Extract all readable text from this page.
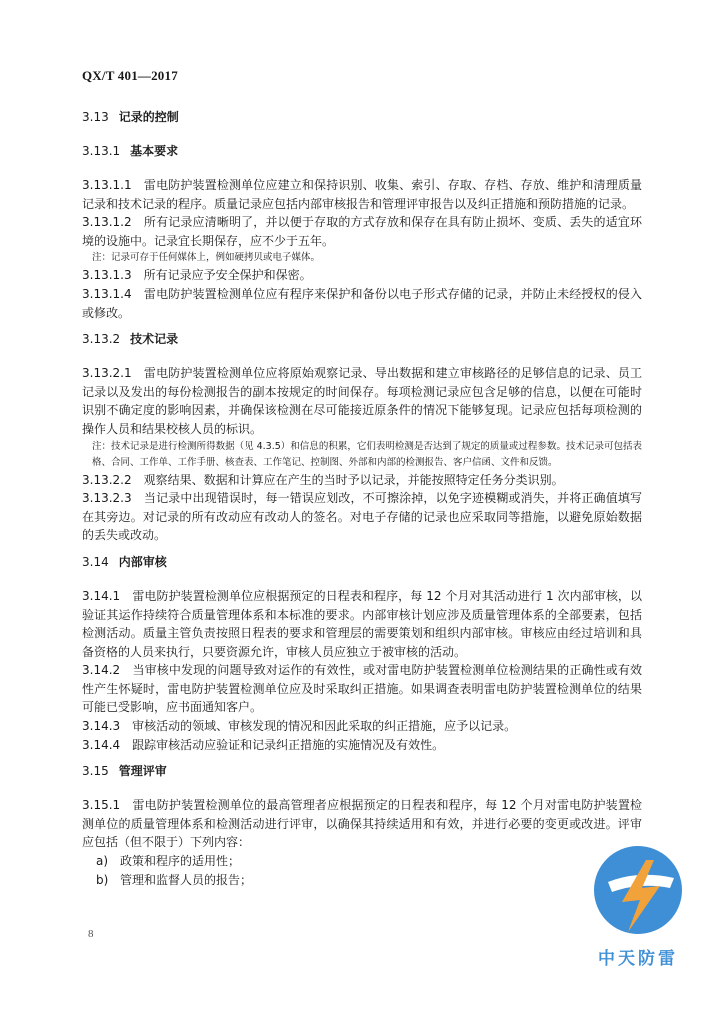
QX/T 401—2017

3.13 记录的控制

3.13.1 基本要求

3.13.1.1　雷电防护装置检测单位应建立和保持识别、收集、索引、存取、存档、存放、维护和清理质量记录和技术记录的程序。质量记录应包括内部审核报告和管理评审报告以及纠正措施和预防措施的记录。

3.13.1.2　所有记录应清晰明了，并以便于存取的方式存放和保存在具有防止损坏、变质、丢失的适宜环境的设施中。记录宜长期保存，应不少于五年。

注：记录可存于任何媒体上，例如硬拷贝或电子媒体。

3.13.1.3　所有记录应予安全保护和保密。

3.13.1.4　雷电防护装置检测单位应有程序来保护和备份以电子形式存储的记录，并防止未经授权的侵入或修改。

3.13.2 技术记录

3.13.2.1　雷电防护装置检测单位应将原始观察记录、导出数据和建立审核路径的足够信息的记录、员工记录以及发出的每份检测报告的副本按规定的时间保存。每项检测记录应包含足够的信息，以便在可能时识别不确定度的影响因素，并确保该检测在尽可能接近原条件的情况下能够复现。记录应包括每项检测的操作人员和结果校核人员的标识。

注：技术记录是进行检测所得数据（见 4.3.5）和信息的积累，它们表明检测是否达到了规定的质量或过程参数。技术记录可包括表格、合同、工作单、工作手册、核查表、工作笔记、控制图、外部和内部的检测报告、客户信函、文件和反馈。

3.13.2.2　观察结果、数据和计算应在产生的当时予以记录，并能按照特定任务分类识别。

3.13.2.3　当记录中出现错误时，每一错误应划改，不可擦涂掉，以免字迹模糊或消失，并将正确值填写在其旁边。对记录的所有改动应有改动人的签名。对电子存储的记录也应采取同等措施，以避免原始数据的丢失或改动。

3.14 内部审核

3.14.1　雷电防护装置检测单位应根据预定的日程表和程序，每 12 个月对其活动进行 1 次内部审核，以验证其运作持续符合质量管理体系和本标准的要求。内部审核计划应涉及质量管理体系的全部要素，包括检测活动。质量主管负责按照日程表的要求和管理层的需要策划和组织内部审核。审核应由经过培训和具备资格的人员来执行，只要资源允许，审核人员应独立于被审核的活动。

3.14.2　当审核中发现的问题导致对运作的有效性，或对雷电防护装置检测单位检测结果的正确性或有效性产生怀疑时，雷电防护装置检测单位应及时采取纠正措施。如果调查表明雷电防护装置检测单位的结果可能已受影响，应书面通知客户。

3.14.3　审核活动的领域、审核发现的情况和因此采取的纠正措施，应予以记录。

3.14.4　跟踪审核活动应验证和记录纠正措施的实施情况及有效性。

3.15 管理评审

3.15.1　雷电防护装置检测单位的最高管理者应根据预定的日程表和程序，每 12 个月对雷电防护装置检测单位的质量管理体系和检测活动进行评审，以确保其持续适用和有效，并进行必要的变更或改进。评审应包括（但不限于）下列内容：

a) 政策和程序的适用性；

b) 管理和监督人员的报告；

8
中天防雷
